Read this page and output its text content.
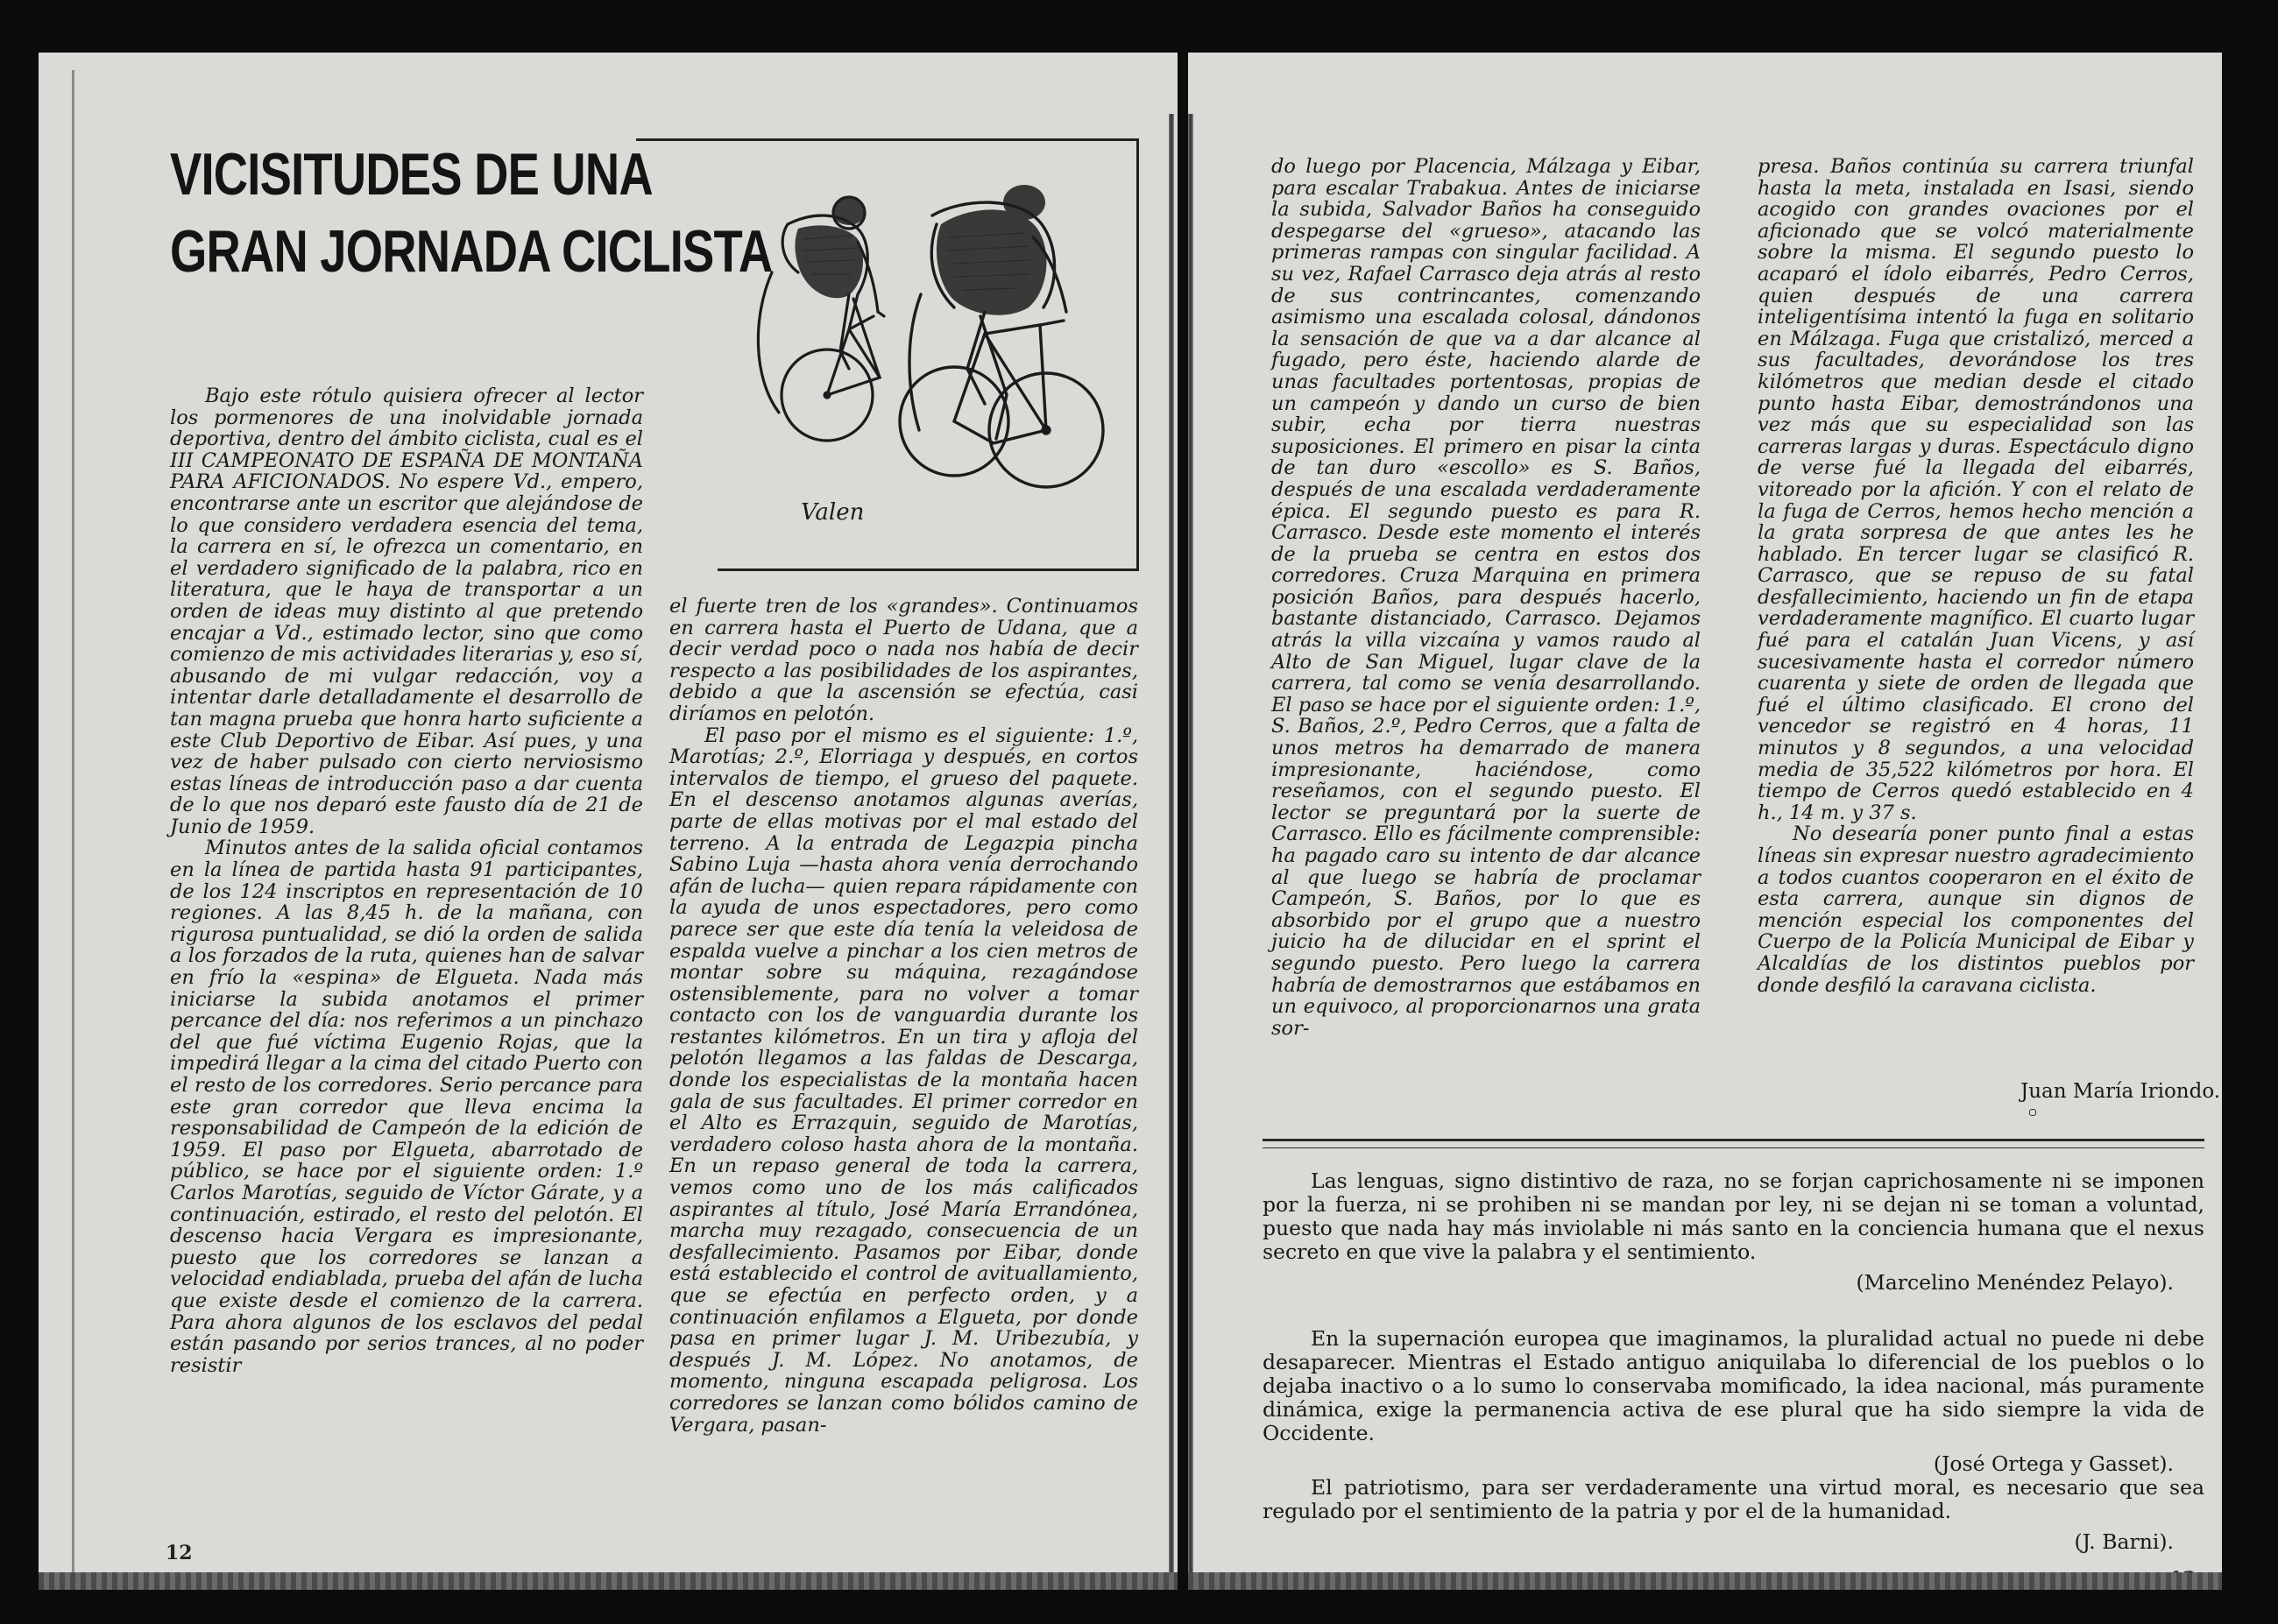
VICISITUDES DE UNA
GRAN JORNADA CICLISTA
Valen

Bajo este rótulo quisiera ofrecer al lector los pormenores de una inolvidable jornada deportiva, dentro del ámbito ciclista, cual es el III CAMPEONATO DE ESPAÑA DE MONTAÑA PARA AFICIONADOS. No espere Vd., empero, encontrarse ante un escritor que alejándose de lo que considero verdadera esencia del tema, la carrera en sí, le ofrezca un comentario, en el verdadero significado de la palabra, rico en literatura, que le haya de transportar a un orden de ideas muy distinto al que pretendo encajar a Vd., estimado lector, sino que como comienzo de mis actividades literarias y, eso sí, abusando de mi vulgar redacción, voy a intentar darle detalladamente el desarrollo de tan magna prueba que honra harto suficiente a este Club Deportivo de Eibar. Así pues, y una vez de haber pulsado con cierto nerviosismo estas líneas de introducción paso a dar cuenta de lo que nos deparó este fausto día de 21 de Junio de 1959.

Minutos antes de la salida oficial contamos en la línea de partida hasta 91 participantes, de los 124 inscriptos en representación de 10 regiones. A las 8,45 h. de la mañana, con rigurosa puntualidad, se dió la orden de salida a los forzados de la ruta, quienes han de salvar en frío la «espina» de Elgueta. Nada más iniciarse la subida anotamos el primer percance del día: nos referimos a un pinchazo del que fué víctima Eugenio Rojas, que la impedirá llegar a la cima del citado Puerto con el resto de los corredores. Serio percance para este gran corredor que lleva encima la responsabilidad de Campeón de la edición de 1959. El paso por Elgueta, abarrotado de público, se hace por el siguiente orden: 1.º Carlos Marotías, seguido de Víctor Gárate, y a continuación, estirado, el resto del pelotón. El descenso hacia Vergara es impresionante, puesto que los corredores se lanzan a velocidad endiablada, prueba del afán de lucha que existe desde el comienzo de la carrera. Para ahora algunos de los esclavos del pedal están pasando por serios trances, al no poder resistir

el fuerte tren de los «grandes». Continuamos en carrera hasta el Puerto de Udana, que a decir verdad poco o nada nos había de decir respecto a las posibilidades de los aspirantes, debido a que la ascensión se efectúa, casi diríamos en pelotón.

El paso por el mismo es el siguiente: 1.º, Marotías; 2.º, Elorriaga y después, en cortos intervalos de tiempo, el grueso del paquete. En el descenso anotamos algunas averías, parte de ellas motivas por el mal estado del terreno. A la entrada de Legazpia pincha Sabino Luja —hasta ahora venía derrochando afán de lucha— quien repara rápidamente con la ayuda de unos espectadores, pero como parece ser que este día tenía la veleidosa de espalda vuelve a pinchar a los cien metros de montar sobre su máquina, rezagándose ostensiblemente, para no volver a tomar contacto con los de vanguardia durante los restantes kilómetros. En un tira y afloja del pelotón llegamos a las faldas de Descarga, donde los especialistas de la montaña hacen gala de sus facultades. El primer corredor en el Alto es Errazquin, seguido de Marotías, verdadero coloso hasta ahora de la montaña. En un repaso general de toda la carrera, vemos como uno de los más calificados aspirantes al título, José María Errandónea, marcha muy rezagado, consecuencia de un desfallecimiento. Pasamos por Eibar, donde está establecido el control de avituallamiento, que se efectúa en perfecto orden, y a continuación enfilamos a Elgueta, por donde pasa en primer lugar J. M. Uribezubía, y después J. M. López. No anotamos, de momento, ninguna escapada peligrosa. Los corredores se lanzan como bólidos camino de Vergara, pasan-

12

do luego por Placencia, Málzaga y Eibar, para escalar Trabakua. Antes de iniciarse la subida, Salvador Baños ha conseguido despegarse del «grueso», atacando las primeras rampas con singular facilidad. A su vez, Rafael Carrasco deja atrás al resto de sus contrincantes, comenzando asimismo una escalada colosal, dándonos la sensación de que va a dar alcance al fugado, pero éste, haciendo alarde de unas facultades portentosas, propias de un campeón y dando un curso de bien subir, echa por tierra nuestras suposiciones. El primero en pisar la cinta de tan duro «escollo» es S. Baños, después de una escalada verdaderamente épica. El segundo puesto es para R. Carrasco. Desde este momento el interés de la prueba se centra en estos dos corredores. Cruza Marquina en primera posición Baños, para después hacerlo, bastante distanciado, Carrasco. Dejamos atrás la villa vizcaína y vamos raudo al Alto de San Miguel, lugar clave de la carrera, tal como se venía desarrollando. El paso se hace por el siguiente orden: 1.º, S. Baños, 2.º, Pedro Cerros, que a falta de unos metros ha demarrado de manera impresionante, haciéndose, como reseñamos, con el segundo puesto. El lector se preguntará por la suerte de Carrasco. Ello es fácilmente comprensible: ha pagado caro su intento de dar alcance al que luego se habría de proclamar Campeón, S. Baños, por lo que es absorbido por el grupo que a nuestro juicio ha de dilucidar en el sprint el segundo puesto. Pero luego la carrera habría de demostrarnos que estábamos en un equivoco, al proporcionarnos una grata sor-

presa. Baños continúa su carrera triunfal hasta la meta, instalada en Isasi, siendo acogido con grandes ovaciones por el aficionado que se volcó materialmente sobre la misma. El segundo puesto lo acaparó el ídolo eibarrés, Pedro Cerros, quien después de una carrera inteligentísima intentó la fuga en solitario en Málzaga. Fuga que cristalizó, merced a sus facultades, devorándose los tres kilómetros que median desde el citado punto hasta Eibar, demostrándonos una vez más que su especialidad son las carreras largas y duras. Espectáculo digno de verse fué la llegada del eibarrés, vitoreado por la afición. Y con el relato de la fuga de Cerros, hemos hecho mención a la grata sorpresa de que antes les he hablado. En tercer lugar se clasificó R. Carrasco, que se repuso de su fatal desfallecimiento, haciendo un fin de etapa verdaderamente magnífico. El cuarto lugar fué para el catalán Juan Vicens, y así sucesivamente hasta el corredor número cuarenta y siete de orden de llegada que fué el último clasificado. El crono del vencedor se registró en 4 horas, 11 minutos y 8 segundos, a una velocidad media de 35,522 kilómetros por hora. El tiempo de Cerros quedó establecido en 4 h., 14 m. y 37 s.

No desearía poner punto final a estas líneas sin expresar nuestro agradecimiento a todos cuantos cooperaron en el éxito de esta carrera, aunque sin dignos de mención especial los componentes del Cuerpo de la Policía Municipal de Eibar y Alcaldías de los distintos pueblos por donde desfiló la caravana ciclista.

Juan María Iriondo.

Las lenguas, signo distintivo de raza, no se forjan caprichosamente ni se imponen por la fuerza, ni se prohiben ni se mandan por ley, ni se dejan ni se toman a voluntad, puesto que nada hay más inviolable ni más santo en la conciencia humana que el nexus secreto en que vive la palabra y el sentimiento.

(Marcelino Menéndez Pelayo).

En la supernación europea que imaginamos, la pluralidad actual no puede ni debe desaparecer. Mientras el Estado antiguo aniquilaba lo diferencial de los pueblos o lo dejaba inactivo o a lo sumo lo conservaba momificado, la idea nacional, más puramente dinámica, exige la permanencia activa de ese plural que ha sido siempre la vida de Occidente.

(José Ortega y Gasset).

El patriotismo, para ser verdaderamente una virtud moral, es necesario que sea regulado por el sentimiento de la patria y por el de la humanidad.

(J. Barni).
